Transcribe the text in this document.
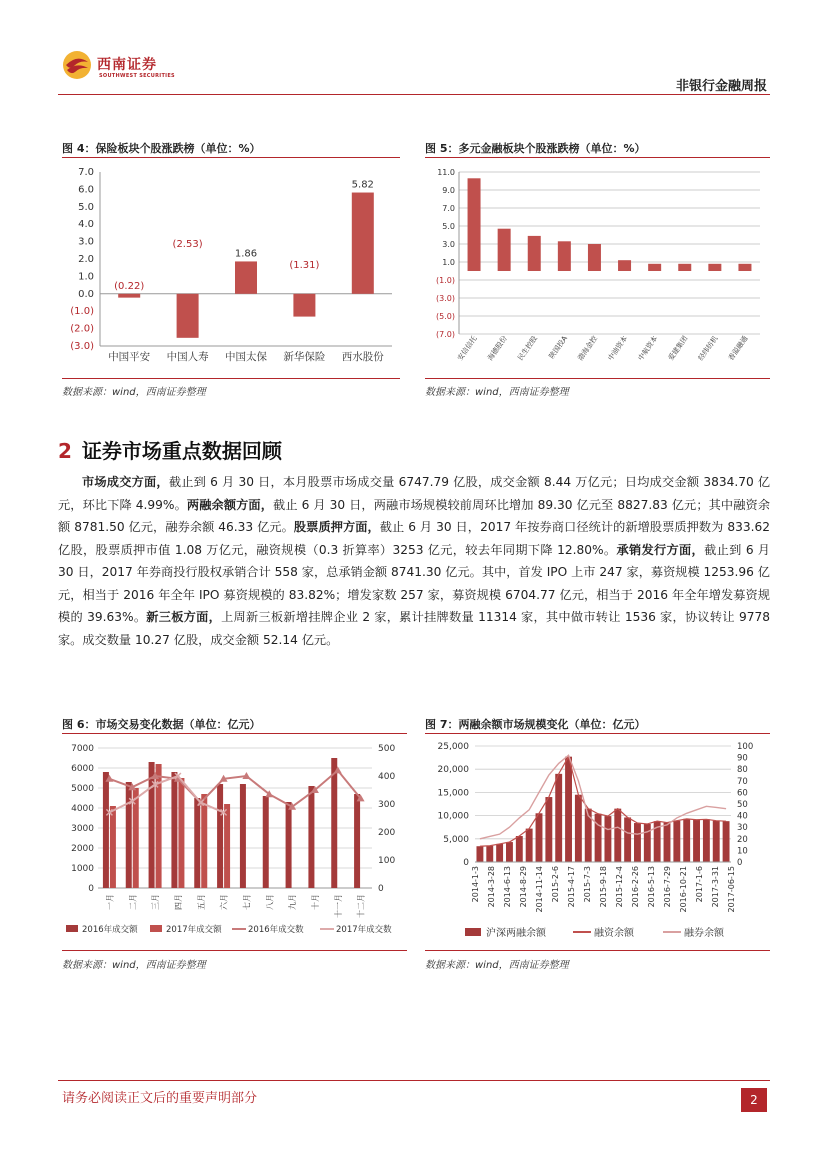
西南证券
SOUTHWEST SECURITIES
非银行金融周报
图 4：保险板块个股涨跌榜（单位：%）
7.0
6.0
5.0
4.0
3.0
2.0
1.0
0.0
(1.0)
(2.0)
(3.0)
(0.22)
中国平安
(2.53)
中国人寿
1.86
中国太保
(1.31)
新华保险
5.82
西水股份
数据来源：wind，西南证券整理
图 5：多元金融板块个股涨跌榜（单位：%）
11.0
9.0
7.0
5.0
3.0
1.0
(1.0)
(3.0)
(5.0)
(7.0)
安信信托 海德股份 民生控股 陕国投A 渤海金控 中油资本 中航资本 爱建集团 经纬纺机 香溢融通
数据来源：wind，西南证券整理
2 证券市场重点数据回顾
市场成交方面，截止到 6 月 30 日，本月股票市场成交量 6747.79 亿股，成交金额 8.44 万亿元；日均成交金额 3834.70 亿元，环比下降 4.99%。两融余额方面，截止 6 月 30 日，两融市场规模较前周环比增加 89.30 亿元至 8827.83 亿元；其中融资余额 8781.50 亿元，融券余额 46.33 亿元。股票质押方面，截止 6 月 30 日，2017 年按券商口径统计的新增股票质押数为 833.62 亿股，股票质押市值 1.08 万亿元，融资规模（0.3 折算率）3253 亿元，较去年同期下降 12.80%。承销发行方面，截止到 6 月 30 日，2017 年券商投行股权承销合计 558 家，总承销金额 8741.30 亿元。其中，首发 IPO 上市 247 家，募资规模 1253.96 亿元，相当于 2016 年全年 IPO 募资规模的 83.82%；增发家数 257 家，募资规模 6704.77 亿元，相当于 2016 年全年增发募资规模的 39.63%。新三板方面，上周新三板新增挂牌企业 2 家，累计挂牌数量 11314 家，其中做市转让 1536 家，协议转让 9778 家。成交数量 10.27 亿股，成交金额 52.14 亿元。
图 6：市场交易变化数据（单位：亿元）
7000
6000
5000
4000
3000
2000
1000
0
500
400
300
200
100
0
一月 二月 三月 四月 五月 六月 七月 八月 九月 十月 十一月 十二月
2016年成交额	2017年成交额	2016年成交数	2017年成交数
数据来源：wind，西南证券整理
图 7：两融余额市场规模变化（单位：亿元）
25,000
20,000
15,000
10,000
5,000
0
100
90
80
70
60
50
40
30
20
10
0
2014-1-3 2014-3-28 2014-6-13 2014-8-29 2014-11-14 2015-2-6 2015-4-17 2015-7-3 2015-9-18 2015-12-4 2016-2-26 2016-5-13 2016-7-29 2016-10-21 2017-1-6 2017-3-31 2017-06-15
沪深两融余额	融资余额	融券余额
数据来源：wind，西南证券整理
请务必阅读正文后的重要声明部分	2
